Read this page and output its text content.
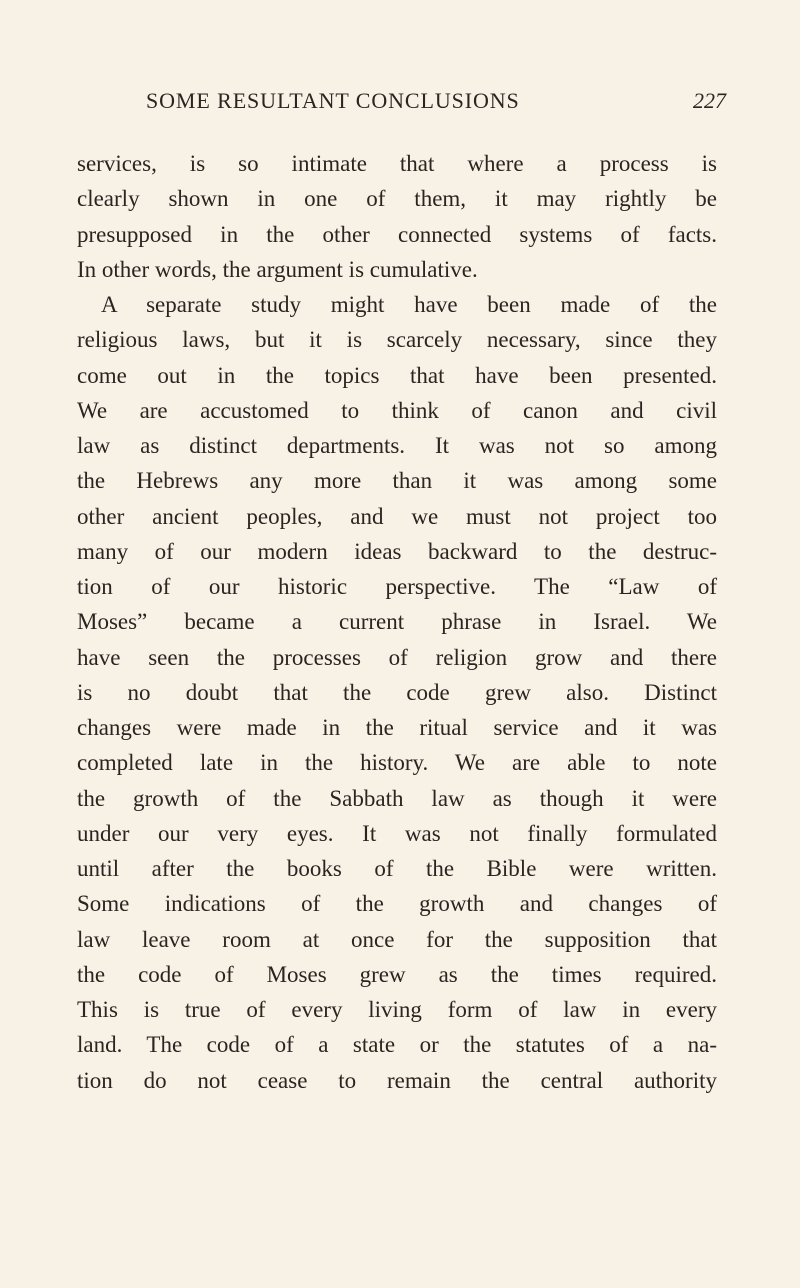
SOME RESULTANT CONCLUSIONS	227
services, is so intimate that where a process is
clearly shown in one of them, it may rightly be
presupposed in the other connected systems of facts.
In other words, the argument is cumulative.
A separate study might have been made of the
religious laws, but it is scarcely necessary, since they
come out in the topics that have been presented.
We are accustomed to think of canon and civil
law as distinct departments. It was not so among
the Hebrews any more than it was among some
other ancient peoples, and we must not project too
many of our modern ideas backward to the destruc-
tion of our historic perspective. The “Law of
Moses” became a current phrase in Israel. We
have seen the processes of religion grow and there
is no doubt that the code grew also. Distinct
changes were made in the ritual service and it was
completed late in the history. We are able to note
the growth of the Sabbath law as though it were
under our very eyes. It was not finally formulated
until after the books of the Bible were written.
Some indications of the growth and changes of
law leave room at once for the supposition that
the code of Moses grew as the times required.
This is true of every living form of law in every
land. The code of a state or the statutes of a na-
tion do not cease to remain the central authority
